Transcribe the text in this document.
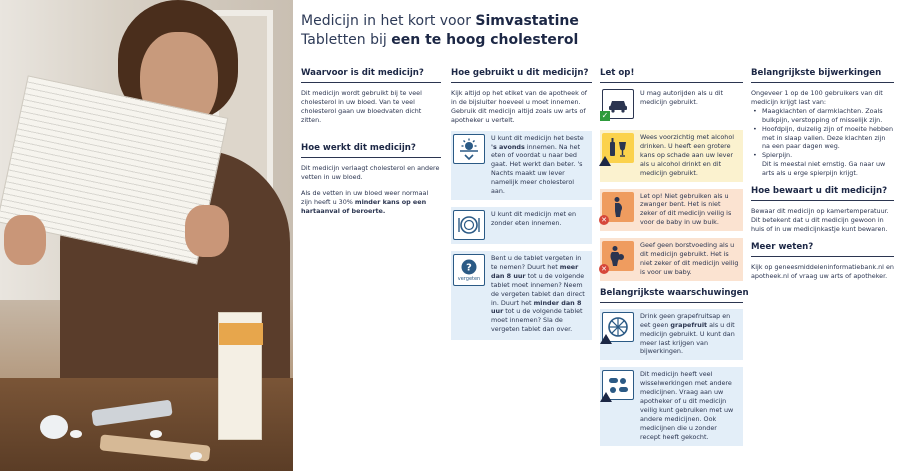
Medicijn in het kort voor Simvastatine
Tabletten bij een te hoog cholesterol
Waarvoor is dit medicijn?
Dit medicijn wordt gebruikt bij te veel cholesterol in uw bloed. Van te veel cholesterol gaan uw bloedvaten dicht zitten.
Hoe werkt dit medicijn?

Dit medicijn verlaagt cholesterol en andere vetten in uw bloed.

Als de vetten in uw bloed weer normaal zijn heeft u 30% minder kans op een hartaanval of beroerte.

Hoe gebruikt u dit medicijn?
Kijk altijd op het etiket van de apotheek of in de bijsluiter hoeveel u moet innemen. Gebruik dit medicijn altijd zoals uw arts of apotheker u vertelt.
U kunt dit medicijn het beste 's avonds innemen. Na het eten of voordat u naar bed gaat. Het werkt dan beter. 's Nachts maakt uw lever namelijk meer cholesterol aan.
U kunt dit medicijn met en zonder eten innemen.
?
vergeten
Bent u de tablet vergeten in te nemen? Duurt het meer dan 8 uur tot u de volgende tablet moet innemen? Neem de vergeten tablet dan direct in. Duurt het minder dan 8 uur tot u de volgende tablet moet innemen? Sla de vergeten tablet dan over.
Let op!
✓
U mag autorijden als u dit medicijn gebruikt.
Wees voorzichtig met alcohol drinken. U heeft een grotere kans op schade aan uw lever als u alcohol drinkt en dit medicijn gebruikt.
✕
Let op! Niet gebruiken als u zwanger bent. Het is niet zeker of dit medicijn veilig is voor de baby in uw buik.
✕
Geef geen borstvoeding als u dit medicijn gebruikt. Het is niet zeker of dit medicijn veilig is voor uw baby.
Belangrijkste waarschuwingen
Drink geen grapefruitsap en eet geen grapefruit als u dit medicijn gebruikt. U kunt dan meer last krijgen van bijwerkingen.
Dit medicijn heeft veel wisselwerkingen met andere medicijnen. Vraag aan uw apotheker of u dit medicijn veilig kunt gebruiken met uw andere medicijnen. Ook medicijnen die u zonder recept heeft gekocht.
Belangrijkste bijwerkingen
Ongeveer 1 op de 100 gebruikers van dit medicijn krijgt last van:
• Maagklachten of darmklachten. Zoals bulkpijn, verstopping of misselijk zijn.
• Hoofdpijn, duizelig zijn of moeite hebben met in slaap vallen. Deze klachten zijn na een paar dagen weg.
• Spierpijn.
Dit is meestal niet ernstig. Ga naar uw arts als u erge spierpijn krijgt.
Hoe bewaart u dit medicijn?
Bewaar dit medicijn op kamertemperatuur. Dit betekent dat u dit medicijn gewoon in huis of in uw medicijnkastje kunt bewaren.
Meer weten?
Kijk op geneesmiddeleninformatiebank.nl en apotheek.nl of vraag uw arts of apotheker.
